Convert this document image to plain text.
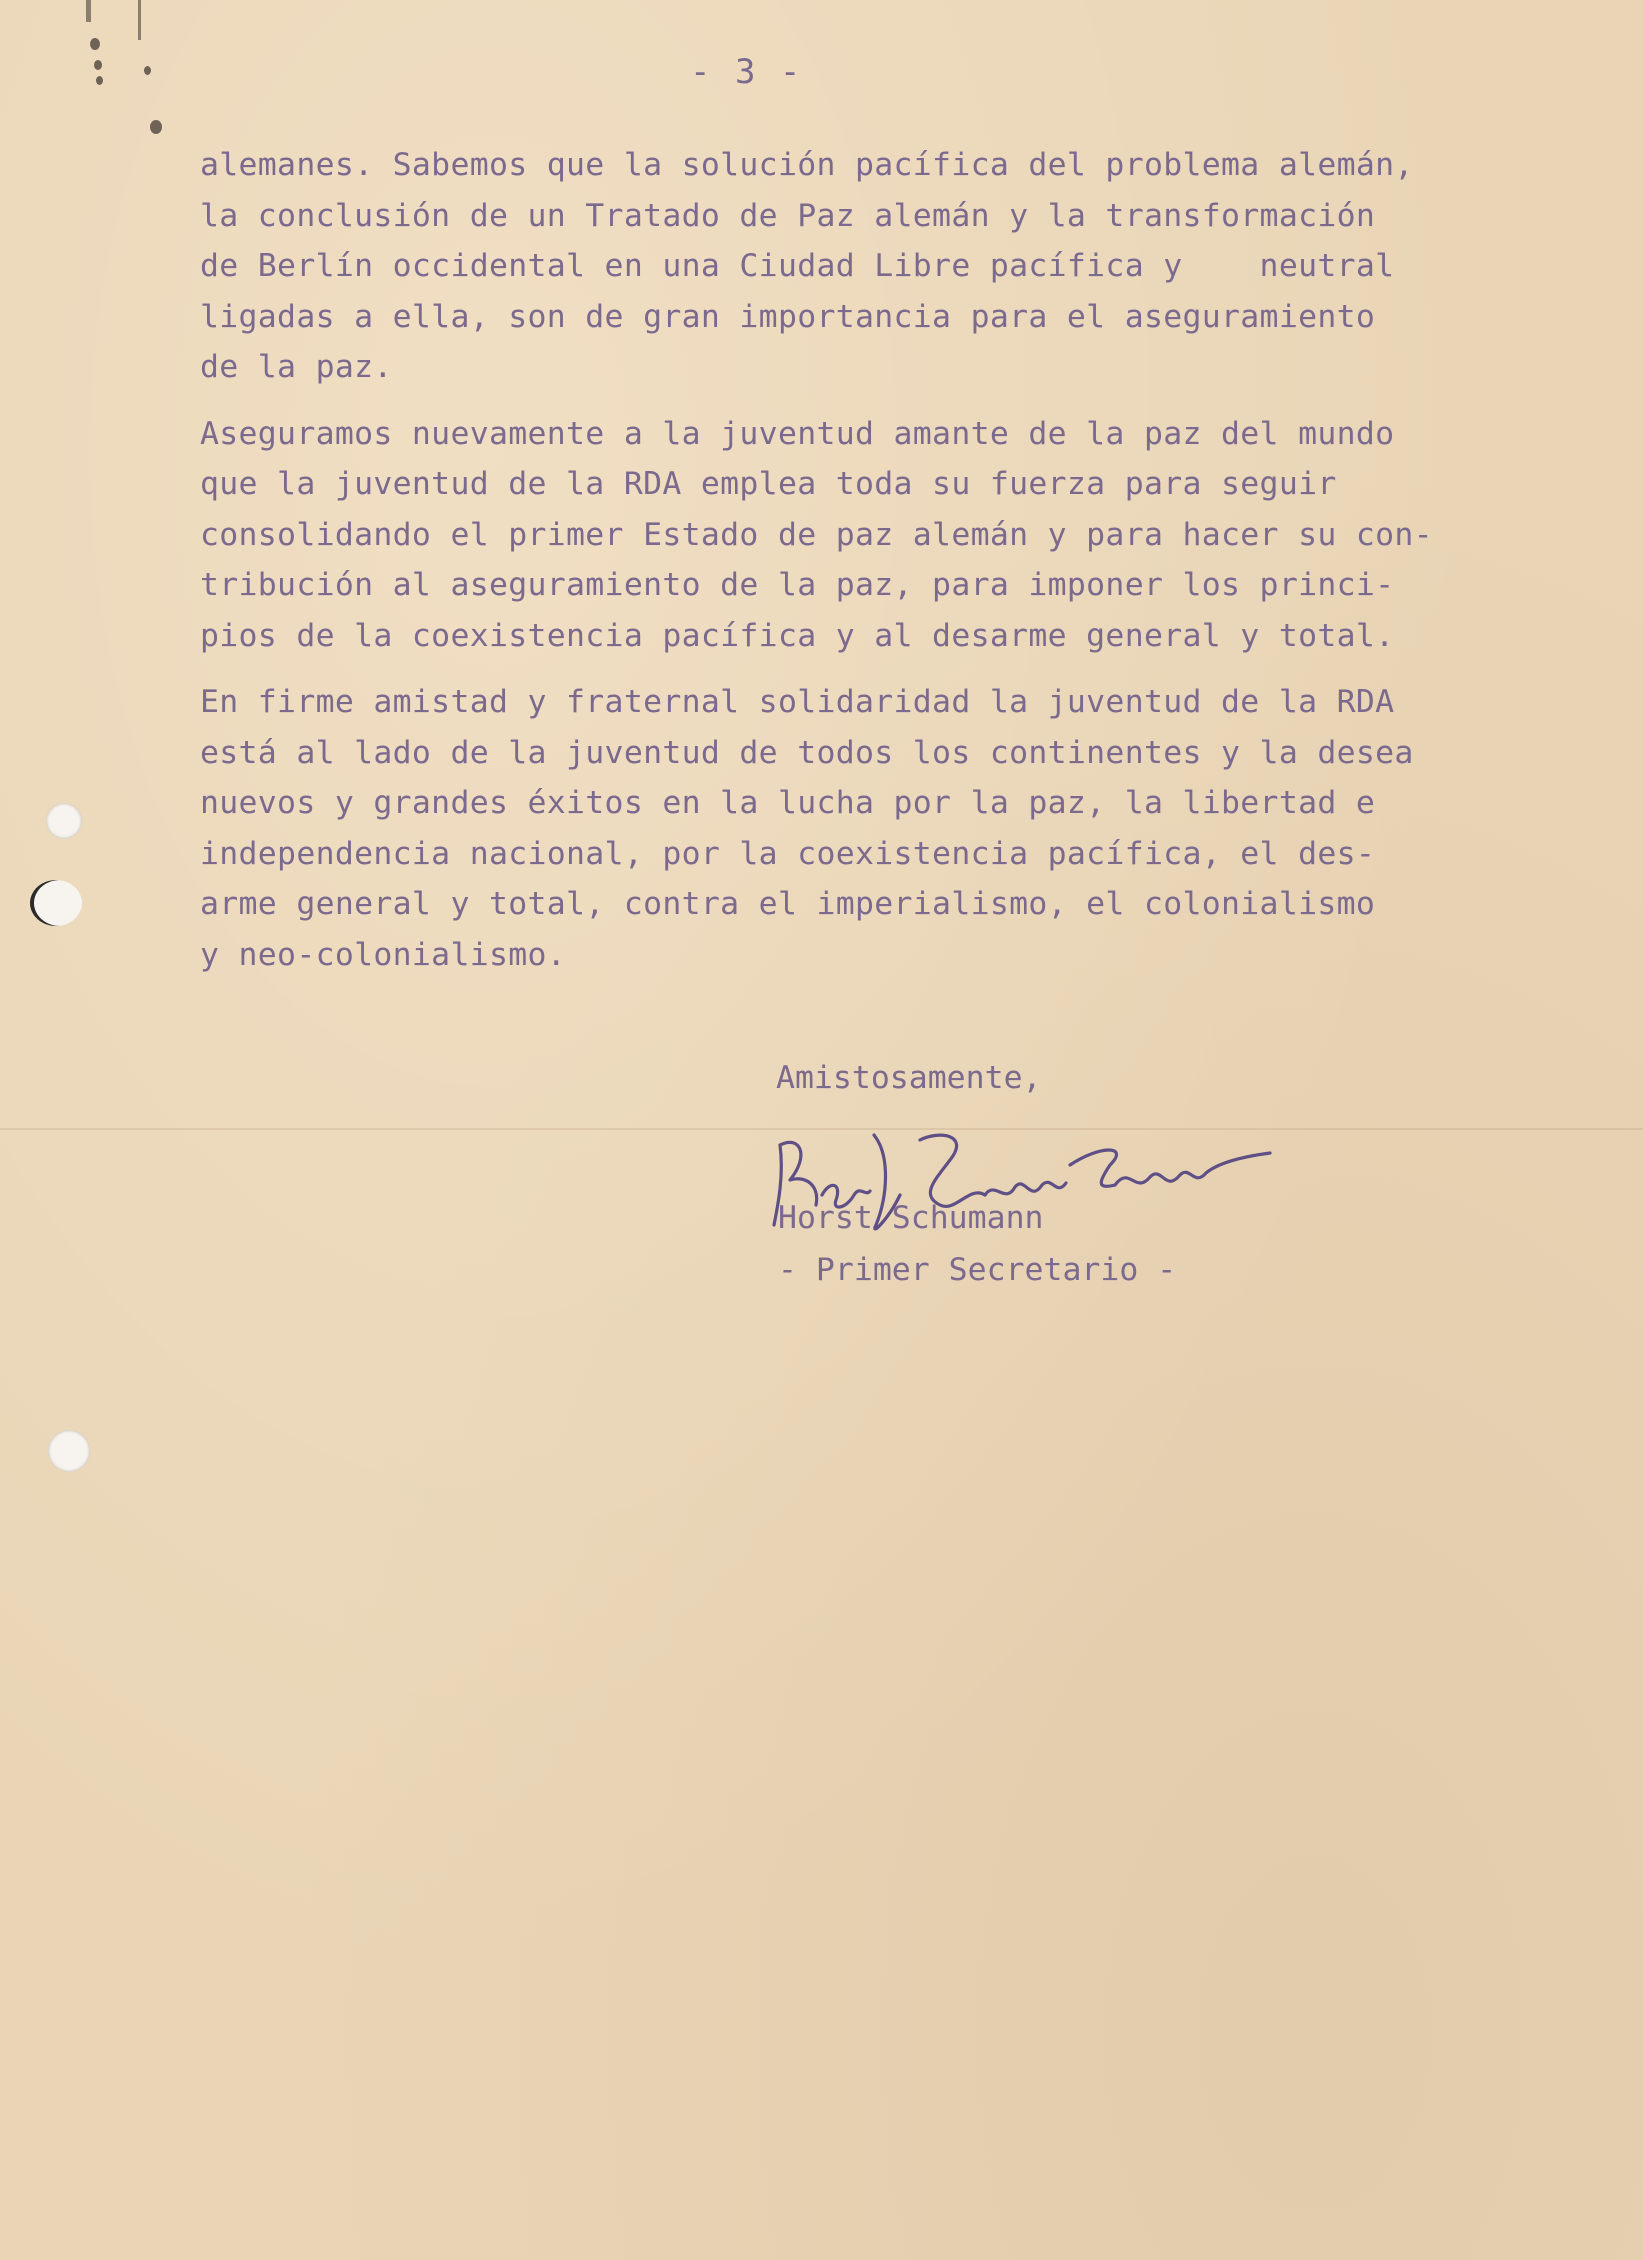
- 3 -
alemanes. Sabemos que la solución pacífica del problema alemán,
la conclusión de un Tratado de Paz alemán y la transformación
de Berlín occidental en una Ciudad Libre pacífica y    neutral
ligadas a ella, son de gran importancia para el aseguramiento
de la paz.
Aseguramos nuevamente a la juventud amante de la paz del mundo
que la juventud de la RDA emplea toda su fuerza para seguir
consolidando el primer Estado de paz alemán y para hacer su con-
tribución al aseguramiento de la paz, para imponer los princi-
pios de la coexistencia pacífica y al desarme general y total.
En firme amistad y fraternal solidaridad la juventud de la RDA
está al lado de la juventud de todos los continentes y la desea
nuevos y grandes éxitos en la lucha por la paz, la libertad e
independencia nacional, por la coexistencia pacífica, el des-
arme general y total, contra el imperialismo, el colonialismo
y neo-colonialismo.
Amistosamente,
Horst Schumann
- Primer Secretario -
